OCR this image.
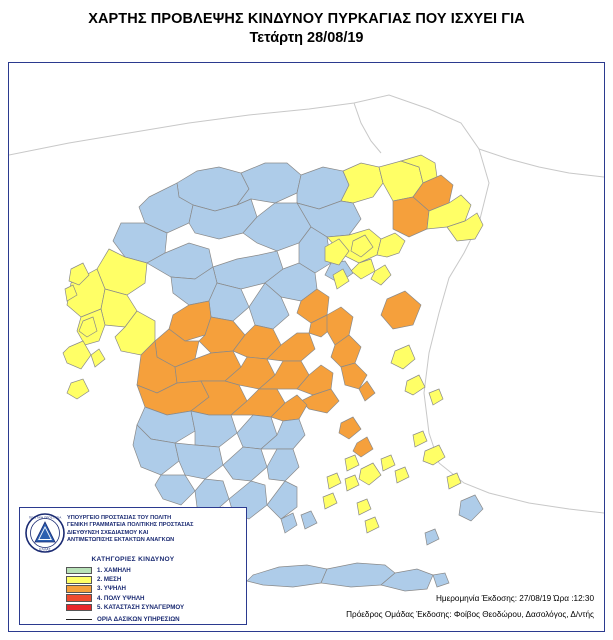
ΧΑΡΤΗΣ ΠΡΟΒΛΕΨΗΣ ΚΙΝΔΥΝΟΥ ΠΥΡΚΑΓΙΑΣ ΠΟΥ ΙΣΧΥΕΙ ΓΙΑ
Τετάρτη 28/08/19
ΠΟΛΙΤΙΚΗ ΠΡΟΣΤΑΣΙΑ
ΕΛΛΑΣ
ΥΠΟΥΡΓΕΙΟ ΠΡΟΣΤΑΣΙΑΣ ΤΟΥ ΠΟΛΙΤΗ
ΓΕΝΙΚΗ ΓΡΑΜΜΑΤΕΙΑ ΠΟΛΙΤΙΚΗΣ ΠΡΟΣΤΑΣΙΑΣ
ΔΙΕΥΘΥΝΣΗ ΣΧΕΔΙΑΣΜΟΥ ΚΑΙ
ΑΝΤΙΜΕΤΩΠΙΣΗΣ ΕΚΤΑΚΤΩΝ ΑΝΑΓΚΩΝ
ΚΑΤΗΓΟΡΙΕΣ ΚΙΝΔΥΝΟΥ
1. ΧΑΜΗΛΗ
2. ΜΕΣΗ
3. ΥΨΗΛΗ
4. ΠΟΛΥ ΥΨΗΛΗ
5. ΚΑΤΑΣΤΑΣΗ ΣΥΝΑΓΕΡΜΟΥ
ΟΡΙΑ ΔΑΣΙΚΩΝ ΥΠΗΡΕΣΙΩΝ
Ημερομηνία Έκδοσης: 27/08/19 Ώρα :12:30
Πρόεδρος Ομάδας Έκδοσης: Φοίβος Θεοδώρου, Δασολόγος, Δ/ντής
